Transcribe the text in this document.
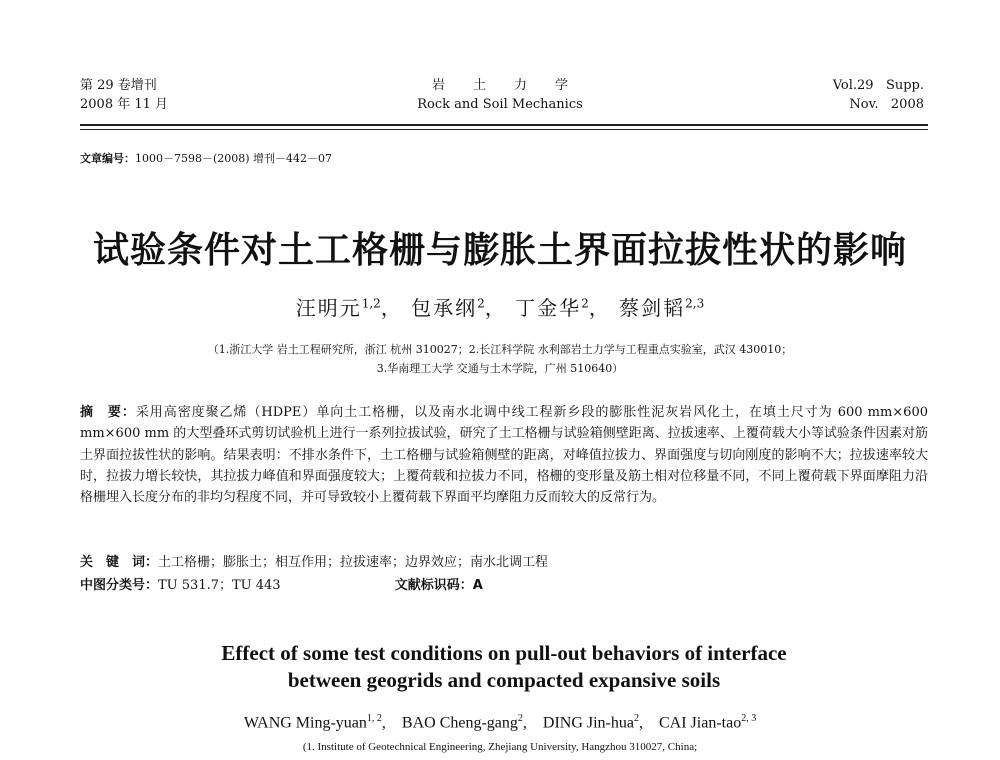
第 29 卷增刊
2008 年 11 月
岩土力学
Rock and Soil Mechanics
Vol.29   Supp.
Nov.   2008
文章编号：1000－7598－(2008) 增刊－442－07
试验条件对土工格栅与膨胀土界面拉拔性状的影响
汪明元$^{1,2}$， 包承纲$^2$， 丁金华$^2$， 蔡剑韬$^{2,3}$
（1.浙江大学 岩土工程研究所，浙江 杭州 310027；2.长江科学院 水利部岩土力学与工程重点实验室，武汉 430010；
3.华南理工大学 交通与土木学院，广州 510640）
摘　要：采用高密度聚乙烯（HDPE）单向土工格栅，以及南水北调中线工程新乡段的膨胀性泥灰岩风化土，在填土尺寸为 600 mm×600 mm×600 mm 的大型叠环式剪切试验机上进行一系列拉拔试验，研究了土工格栅与试验箱侧壁距离、拉拔速率、上覆荷载大小等试验条件因素对筋土界面拉拔性状的影响。结果表明：不排水条件下，土工格栅与试验箱侧壁的距离，对峰值拉拔力、界面强度与切向刚度的影响不大；拉拔速率较大时，拉拔力增长较快，其拉拔力峰值和界面强度较大；上覆荷载和拉拔力不同，格栅的变形量及筋土相对位移量不同，不同上覆荷载下界面摩阻力沿格栅埋入长度分布的非均匀程度不同，并可导致较小上覆荷载下界面平均摩阻力反而较大的反常行为。
关　键　词：土工格栅；膨胀土；相互作用；拉拔速率；边界效应；南水北调工程
中图分类号：TU 531.7；TU 443	文献标识码：A
Effect of some test conditions on pull-out behaviors of interface
between geogrids and compacted expansive soils
WANG Ming-yuan$^{1, 2}$, BAO Cheng-gang$^2$, DING Jin-hua$^2$, CAI Jian-tao$^{2, 3}$
(1. Institute of Geotechnical Engineering, Zhejiang University, Hangzhou 310027, China;
